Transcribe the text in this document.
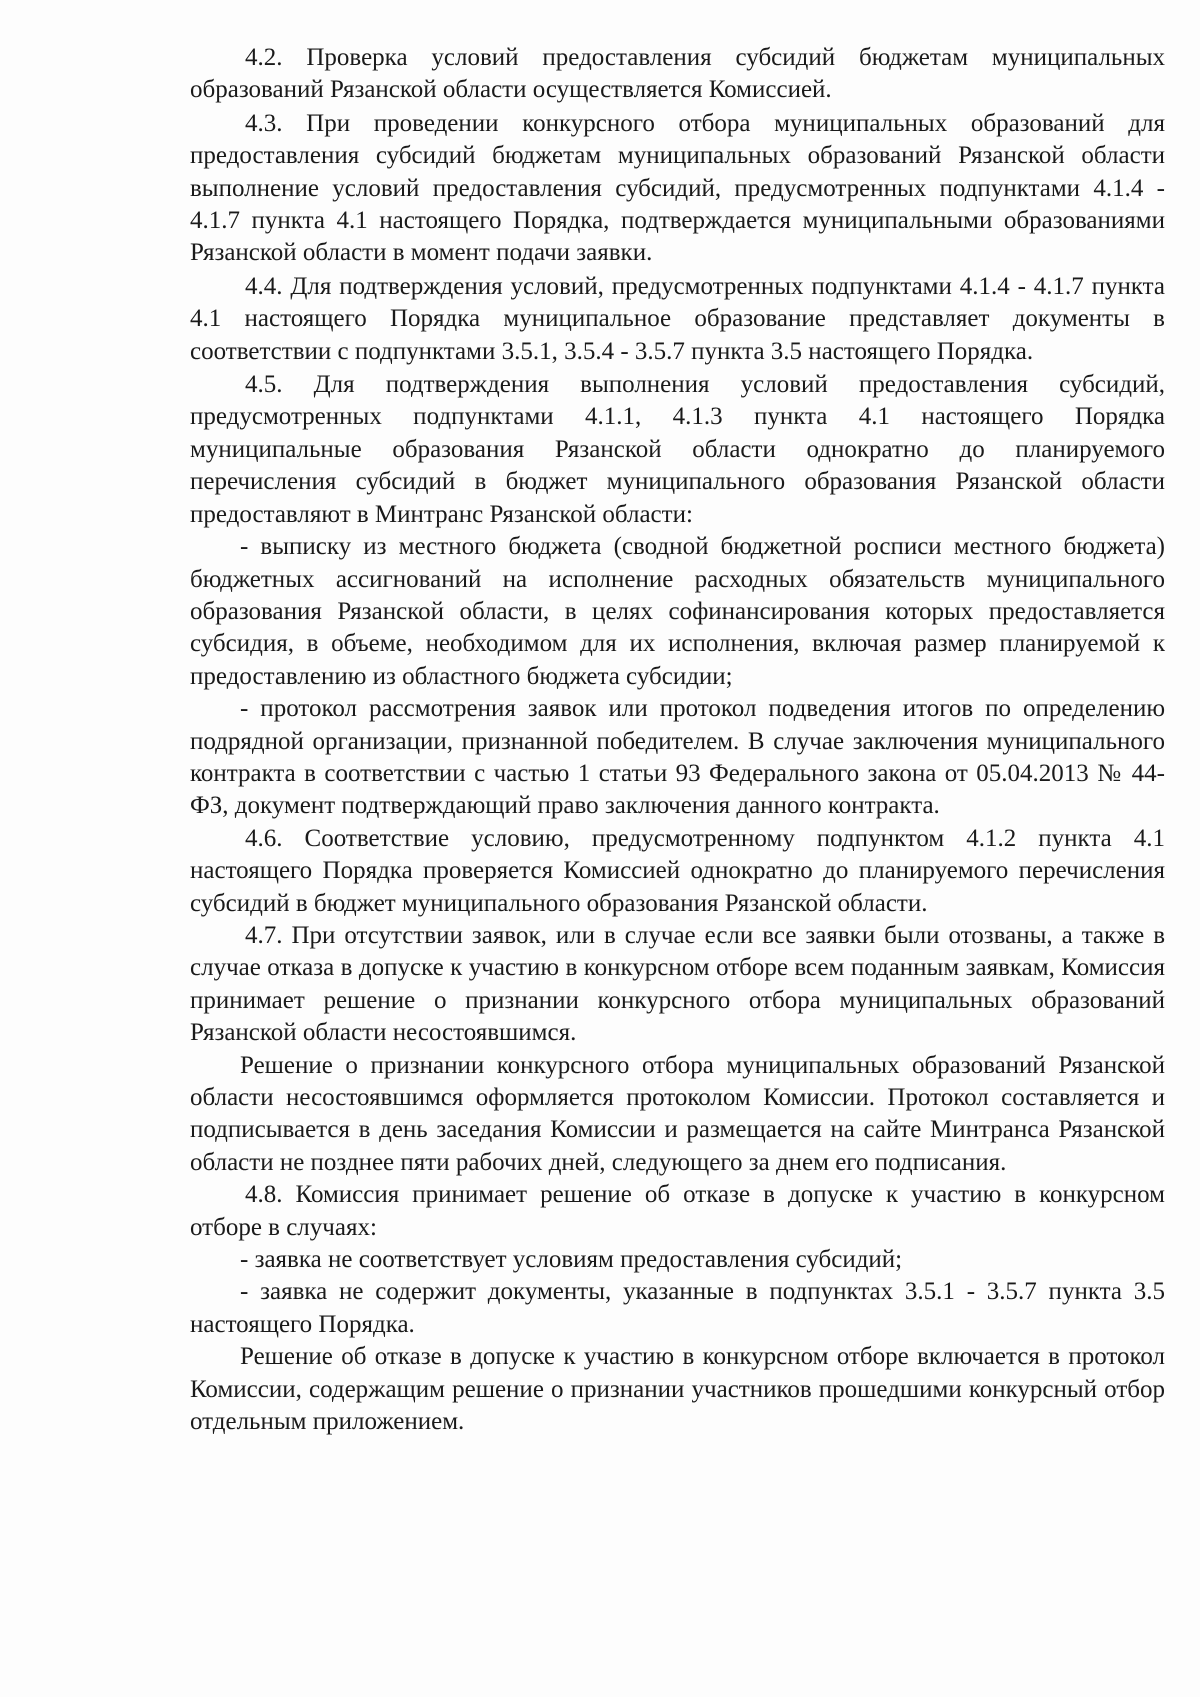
4.2. Проверка условий предоставления субсидий бюджетам муниципальных образований Рязанской области осуществляется Комиссией.

4.3. При проведении конкурсного отбора муниципальных образований для предоставления субсидий бюджетам муниципальных образований Рязанской области выполнение условий предоставления субсидий, предусмотренных подпунктами 4.1.4 - 4.1.7 пункта 4.1 настоящего Порядка, подтверждается муниципальными образованиями Рязанской области в момент подачи заявки.

4.4. Для подтверждения условий, предусмотренных подпунктами 4.1.4 - 4.1.7 пункта 4.1 настоящего Порядка муниципальное образование представляет документы в соответствии с подпунктами 3.5.1, 3.5.4 - 3.5.7 пункта 3.5 настоящего Порядка.

4.5. Для подтверждения выполнения условий предоставления субсидий, предусмотренных подпунктами 4.1.1, 4.1.3 пункта 4.1 настоящего Порядка муниципальные образования Рязанской области однократно до планируемого перечисления субсидий в бюджет муниципального образования Рязанской области предоставляют в Минтранс Рязанской области:

- выписку из местного бюджета (сводной бюджетной росписи местного бюджета) бюджетных ассигнований на исполнение расходных обязательств муниципального образования Рязанской области, в целях софинансирования которых предоставляется субсидия, в объеме, необходимом для их исполнения, включая размер планируемой к предоставлению из областного бюджета субсидии;

- протокол рассмотрения заявок или протокол подведения итогов по определению подрядной организации, признанной победителем. В случае заключения муниципального контракта в соответствии с частью 1 статьи 93 Федерального закона от 05.04.2013 № 44-ФЗ, документ подтверждающий право заключения данного контракта.

4.6. Соответствие условию, предусмотренному подпунктом 4.1.2 пункта 4.1 настоящего Порядка проверяется Комиссией однократно до планируемого перечисления субсидий в бюджет муниципального образования Рязанской области.

4.7. При отсутствии заявок, или в случае если все заявки были отозваны, а также в случае отказа в допуске к участию в конкурсном отборе всем поданным заявкам, Комиссия принимает решение о признании конкурсного отбора муниципальных образований Рязанской области несостоявшимся.

Решение о признании конкурсного отбора муниципальных образований Рязанской области несостоявшимся оформляется протоколом Комиссии. Протокол составляется и подписывается в день заседания Комиссии и размещается на сайте Минтранса Рязанской области не позднее пяти рабочих дней, следующего за днем его подписания.

4.8. Комиссия принимает решение об отказе в допуске к участию в конкурсном отборе в случаях:

- заявка не соответствует условиям предоставления субсидий;

- заявка не содержит документы, указанные в подпунктах 3.5.1 - 3.5.7 пункта 3.5 настоящего Порядка.

Решение об отказе в допуске к участию в конкурсном отборе включается в протокол Комиссии, содержащим решение о признании участников прошедшими конкурсный отбор отдельным приложением.
